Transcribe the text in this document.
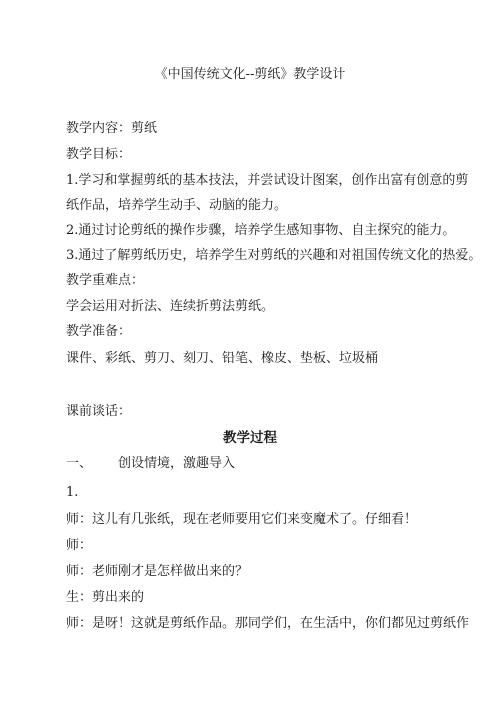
《中国传统文化--剪纸》教学设计
教学内容：剪纸
教学目标：
1.学习和掌握剪纸的基本技法，并尝试设计图案，创作出富有创意的剪
纸作品，培养学生动手、动脑的能力。
2.通过讨论剪纸的操作步骤，培养学生感知事物、自主探究的能力。
3.通过了解剪纸历史，培养学生对剪纸的兴趣和对祖国传统文化的热爱。
教学重难点：
学会运用对折法、连续折剪法剪纸。
教学准备：
课件、彩纸、剪刀、刻刀、铅笔、橡皮、垫板、垃圾桶
课前谈话：
教学过程
一、 创设情境，激趣导入
1.
师：这儿有几张纸，现在老师要用它们来变魔术了。仔细看！
师：
师：老师刚才是怎样做出来的？
生：剪出来的
师：是呀！这就是剪纸作品。那同学们，在生活中，你们都见过剪纸作
